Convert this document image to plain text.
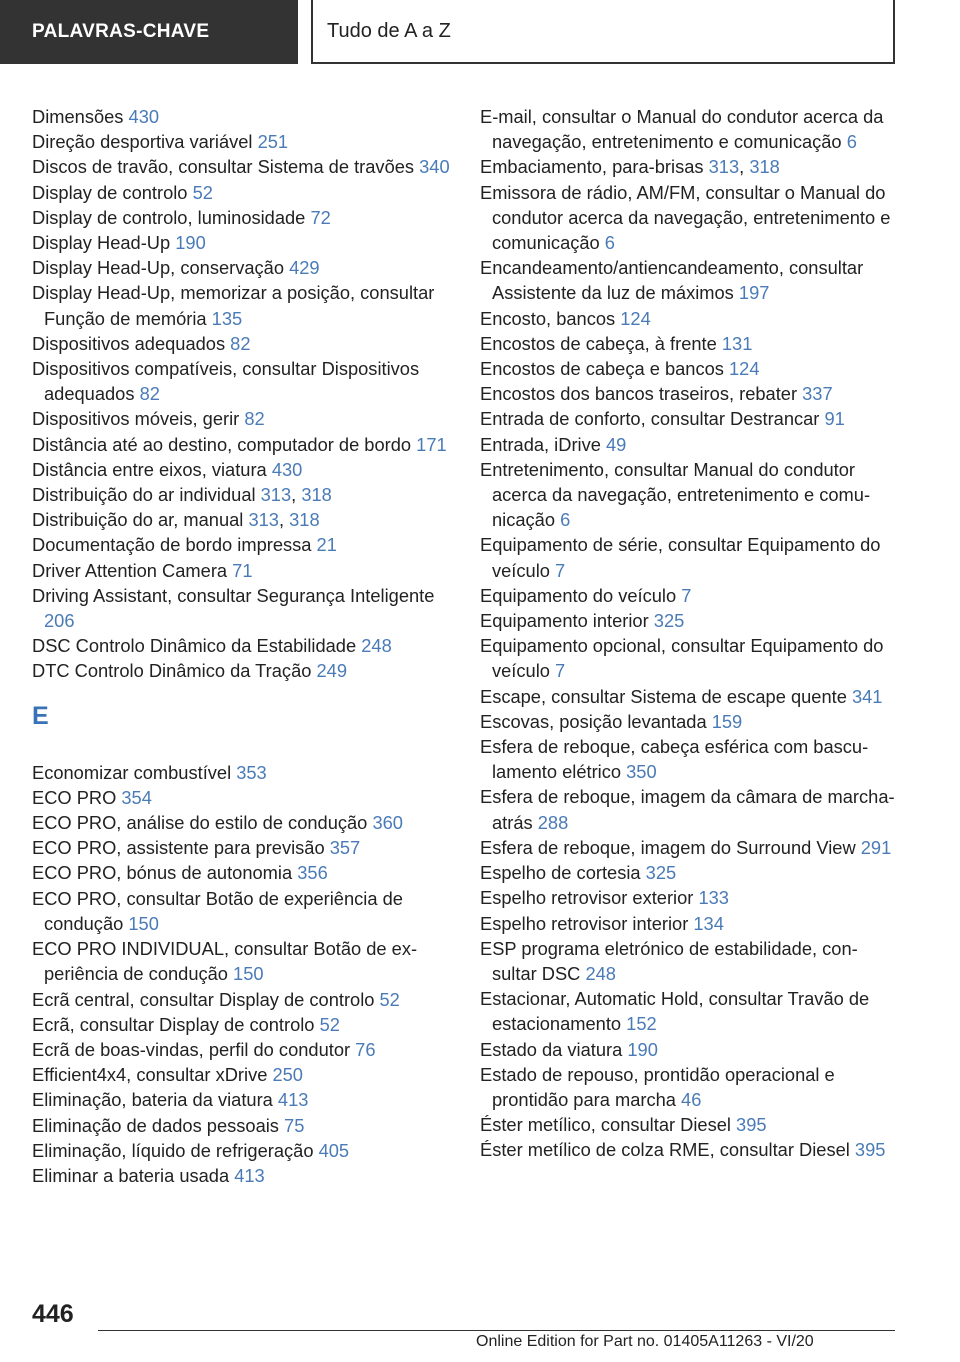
PALAVRAS-CHAVE	Tudo de A a Z
Dimensões 430
Direção desportiva variável 251
Discos de travão, consultar Sistema de travões 340
Display de controlo 52
Display de controlo, luminosidade 72
Display Head-Up 190
Display Head-Up, conservação 429
Display Head-Up, memorizar a posição, consultar Função de memória 135
Dispositivos adequados 82
Dispositivos compatíveis, consultar Dispositivos adequados 82
Dispositivos móveis, gerir 82
Distância até ao destino, computador de bordo 171
Distância entre eixos, viatura 430
Distribuição do ar individual 313, 318
Distribuição do ar, manual 313, 318
Documentação de bordo impressa 21
Driver Attention Camera 71
Driving Assistant, consultar Segurança Inteligente 206
DSC Controlo Dinâmico da Estabilidade 248
DTC Controlo Dinâmico da Tração 249
E
Economizar combustível 353
ECO PRO 354
ECO PRO, análise do estilo de condução 360
ECO PRO, assistente para previsão 357
ECO PRO, bónus de autonomia 356
ECO PRO, consultar Botão de experiência de condução 150
ECO PRO INDIVIDUAL, consultar Botão de experiência de condução 150
Ecrã central, consultar Display de controlo 52
Ecrã, consultar Display de controlo 52
Ecrã de boas-vindas, perfil do condutor 76
Efficient4x4, consultar xDrive 250
Eliminação, bateria da viatura 413
Eliminação de dados pessoais 75
Eliminação, líquido de refrigeração 405
Eliminar a bateria usada 413
E-mail, consultar o Manual do condutor acerca da navegação, entretenimento e comunicação 6
Embaciamento, para-brisas 313, 318
Emissora de rádio, AM/FM, consultar o Manual do condutor acerca da navegação, entretenimento e comunicação 6
Encandeamento/antiencandeamento, consultar Assistente da luz de máximos 197
Encosto, bancos 124
Encostos de cabeça, à frente 131
Encostos de cabeça e bancos 124
Encostos dos bancos traseiros, rebater 337
Entrada de conforto, consultar Destrancar 91
Entrada, iDrive 49
Entretenimento, consultar Manual do condutor acerca da navegação, entretenimento e comunicação 6
Equipamento de série, consultar Equipamento do veículo 7
Equipamento do veículo 7
Equipamento interior 325
Equipamento opcional, consultar Equipamento do veículo 7
Escape, consultar Sistema de escape quente 341
Escovas, posição levantada 159
Esfera de reboque, cabeça esférica com basculamento elétrico 350
Esfera de reboque, imagem da câmara de marcha-atrás 288
Esfera de reboque, imagem do Surround View 291
Espelho de cortesia 325
Espelho retrovisor exterior 133
Espelho retrovisor interior 134
ESP programa eletrónico de estabilidade, consultar DSC 248
Estacionar, Automatic Hold, consultar Travão de estacionamento 152
Estado da viatura 190
Estado de repouso, prontidão operacional e prontidão para marcha 46
Éster metílico, consultar Diesel 395
Éster metílico de colza RME, consultar Diesel 395
446
Online Edition for Part no. 01405A11263 - VI/20
